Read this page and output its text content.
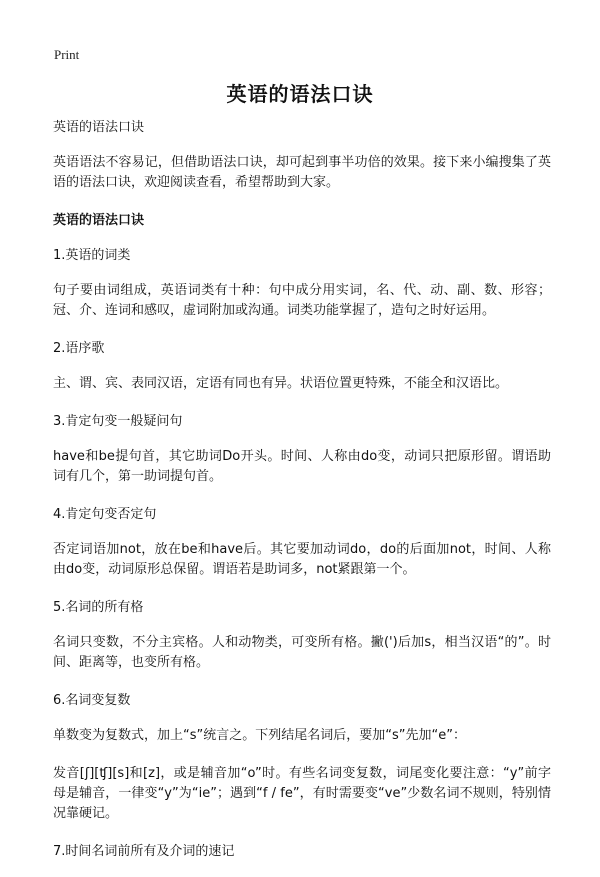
Print
英语的语法口诀

英语的语法口诀

英语语法不容易记，但借助语法口诀，却可起到事半功倍的效果。接下来小编搜集了英语的语法口诀，欢迎阅读查看，希望帮助到大家。

英语的语法口诀

1.英语的词类

句子要由词组成，英语词类有十种：句中成分用实词，名、代、动、副、数、形容；冠、介、连词和感叹，虚词附加或沟通。词类功能掌握了，造句之时好运用。

2.语序歌

主、谓、宾、表同汉语，定语有同也有异。状语位置更特殊，不能全和汉语比。

3.肯定句变一般疑问句

have和be提句首，其它助词Do开头。时间、人称由do变，动词只把原形留。谓语助词有几个，第一助词提句首。

4.肯定句变否定句

否定词语加not，放在be和have后。其它要加动词do，do的后面加not，时间、人称由do变，动词原形总保留。谓语若是助词多，not紧跟第一个。

5.名词的所有格

名词只变数，不分主宾格。人和动物类，可变所有格。撇(')后加s，相当汉语“的”。时间、距离等，也变所有格。

6.名词变复数

单数变为复数式，加上“s”统言之。下列结尾名词后，要加“s”先加“e”：

发音[ʃ][ʧ][s]和[z]，或是辅音加“o”时。有些名词变复数，词尾变化要注意：“y”前字母是辅音，一律变“y”为“ie”；遇到“f / fe”，有时需要变“ve”少数名词不规则，特别情况靠硬记。

7.时间名词前所有及介词的速记
